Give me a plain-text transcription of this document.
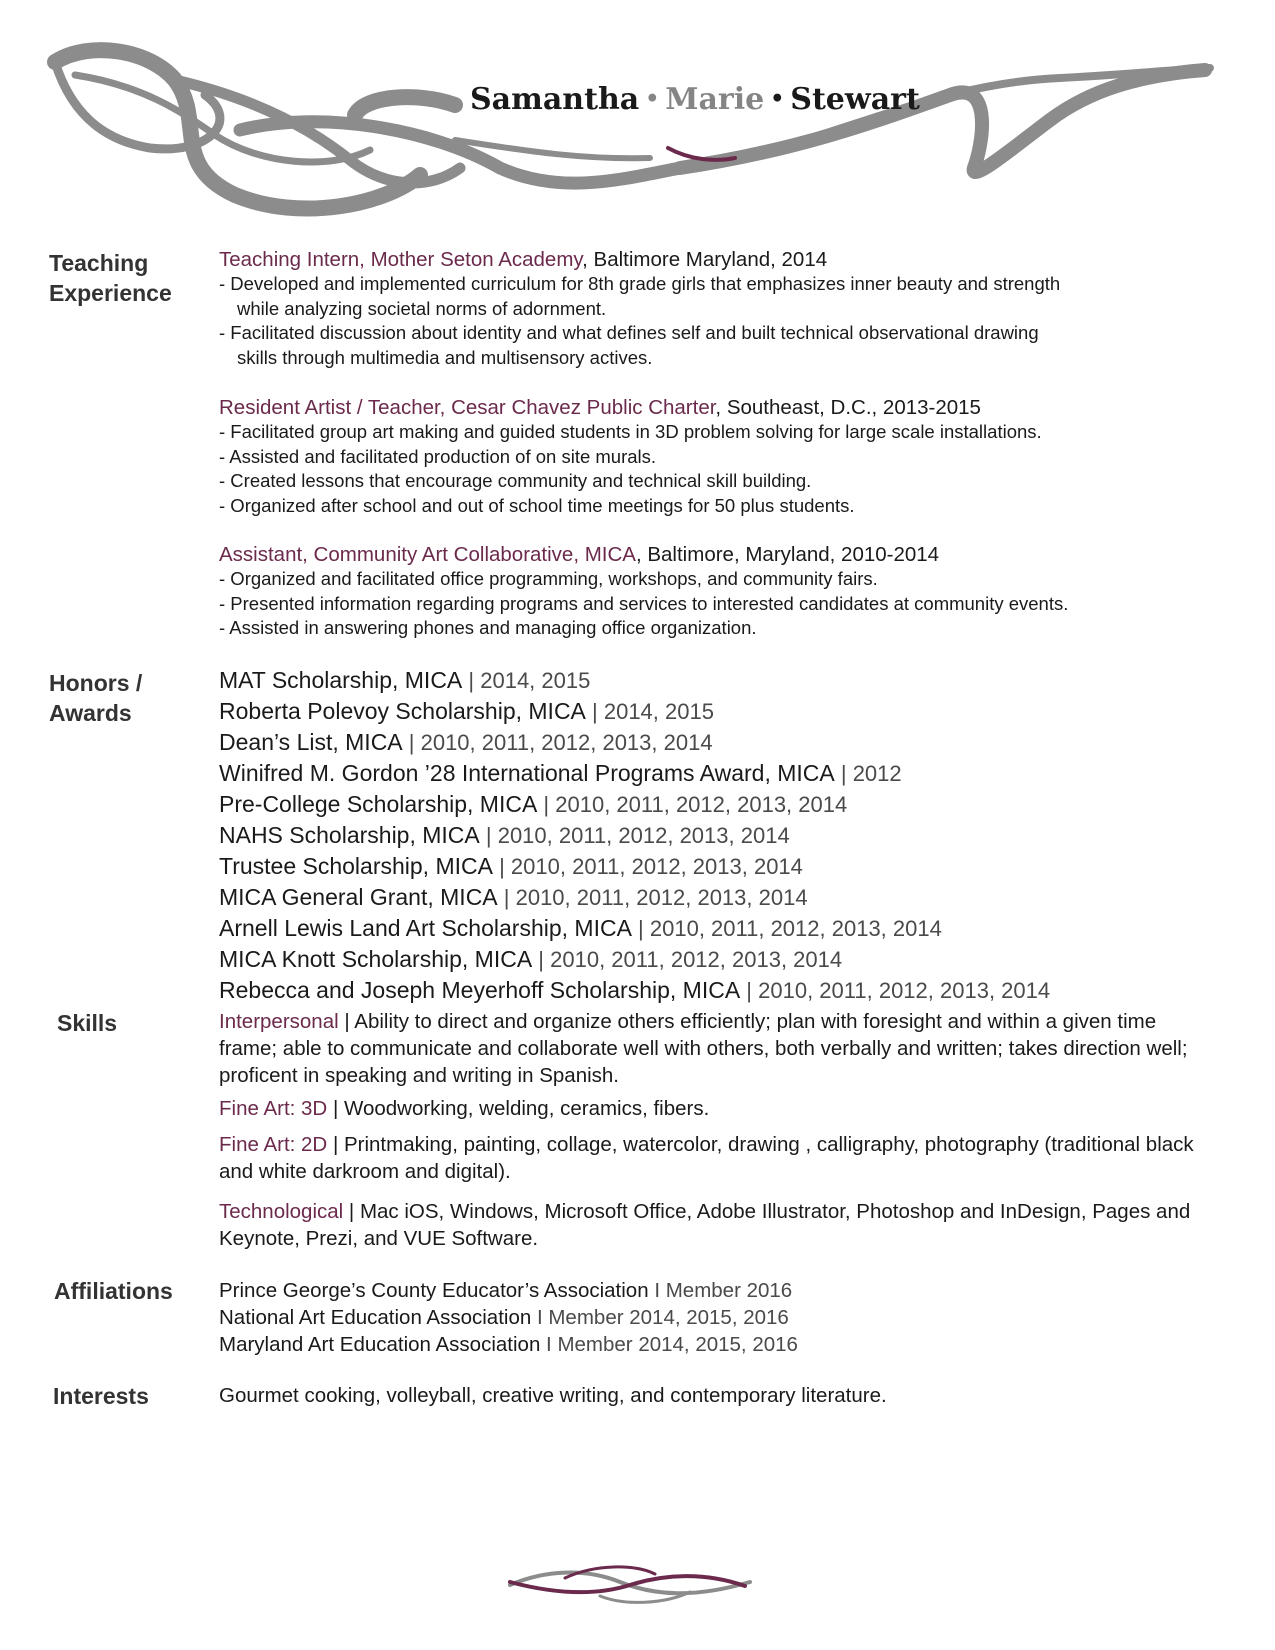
Samantha • Marie • Stewart
Teaching
Experience
Teaching Intern, Mother Seton Academy, Baltimore Maryland, 2014
- Developed and implemented curriculum for 8th grade girls that emphasizes inner beauty and strength
while analyzing societal norms of adornment.
- Facilitated discussion about identity and what defines self and built technical observational drawing
skills through multimedia and multisensory actives.
Resident Artist / Teacher, Cesar Chavez Public Charter, Southeast, D.C., 2013-2015
- Facilitated group art making and guided students in 3D problem solving for large scale installations.
- Assisted and facilitated production of on site murals.
- Created lessons that encourage community and technical skill building.
- Organized after school and out of school time meetings for 50 plus students.
Assistant, Community Art Collaborative, MICA, Baltimore, Maryland, 2010-2014
- Organized and facilitated office programming, workshops, and community fairs.
- Presented information regarding programs and services to interested candidates at community events.
- Assisted in answering phones and managing office organization.
Honors /
Awards
MAT Scholarship, MICA | 2014, 2015
Roberta Polevoy Scholarship, MICA | 2014, 2015
Dean’s List, MICA | 2010, 2011, 2012, 2013, 2014
Winifred M. Gordon ’28 International Programs Award, MICA | 2012
Pre-College Scholarship, MICA | 2010, 2011, 2012, 2013, 2014
NAHS Scholarship, MICA | 2010, 2011, 2012, 2013, 2014
Trustee Scholarship, MICA | 2010, 2011, 2012, 2013, 2014
MICA General Grant, MICA | 2010, 2011, 2012, 2013, 2014
Arnell Lewis Land Art Scholarship, MICA | 2010, 2011, 2012, 2013, 2014
MICA Knott Scholarship, MICA | 2010, 2011, 2012, 2013, 2014
Rebecca and Joseph Meyerhoff Scholarship, MICA | 2010, 2011, 2012, 2013, 2014
Skills	Interpersonal | Ability to direct and organize others efficiently; plan with foresight and within a given time frame; able to communicate and collaborate well with others, both verbally and written; takes direction well; proficent in speaking and writing in Spanish.
Fine Art: 3D | Woodworking, welding, ceramics, fibers.
Fine Art: 2D | Printmaking, painting, collage, watercolor, drawing , calligraphy, photography (traditional black and white darkroom and digital).
Technological | Mac iOS, Windows, Microsoft Office, Adobe Illustrator, Photoshop and InDesign, Pages and Keynote, Prezi, and VUE Software.
Affiliations Prince George’s County Educator’s Association I Member 2016
National Art Education Association I Member 2014, 2015, 2016
Maryland Art Education Association I Member 2014, 2015, 2016
Interests	Gourmet cooking, volleyball, creative writing, and contemporary literature.
